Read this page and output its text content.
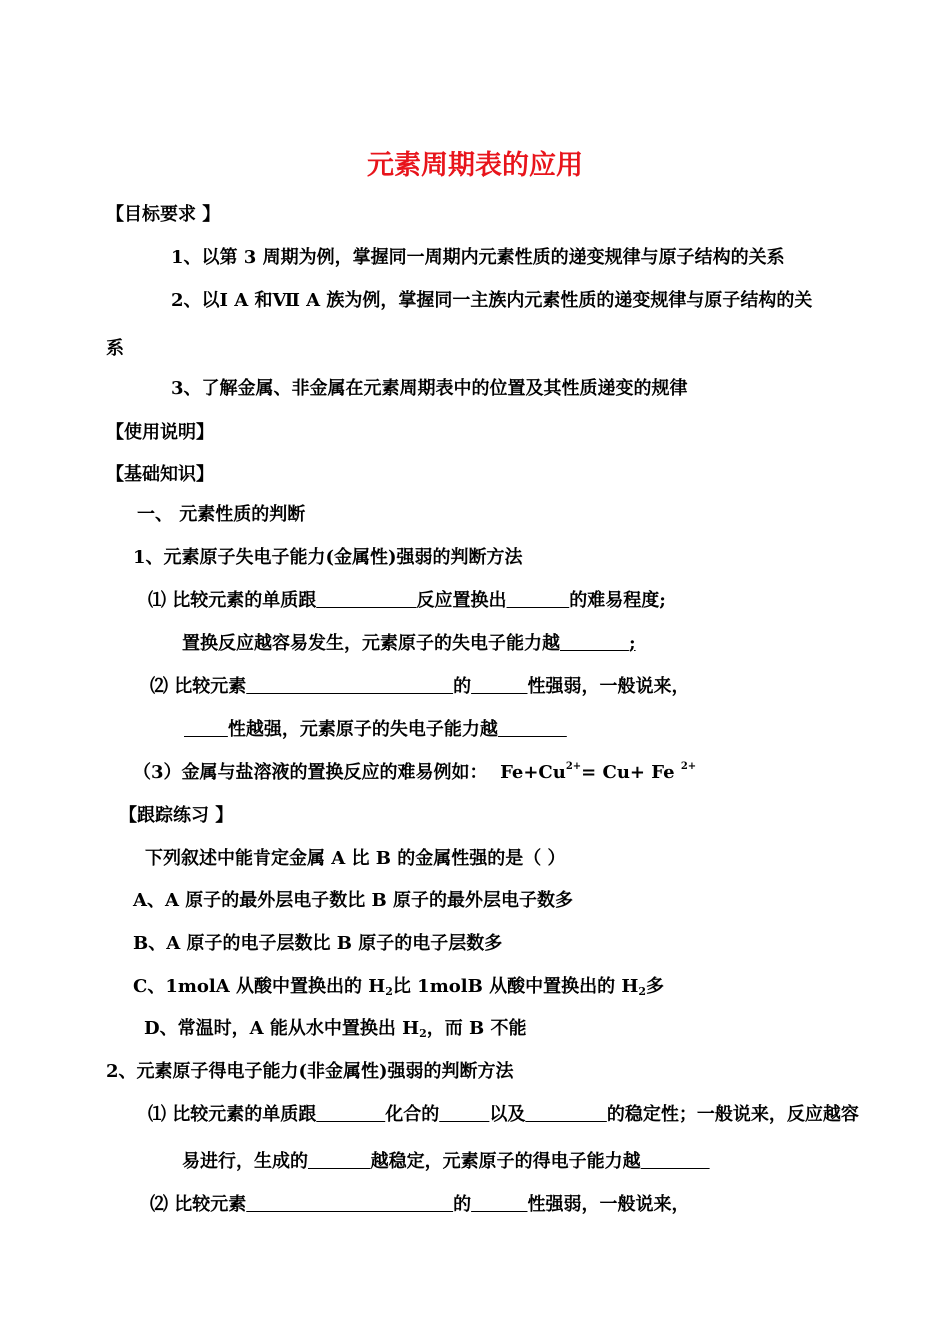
元素周期表的应用
【目标要求 】
1、以第 3 周期为例，掌握同一周期内元素性质的递变规律与原子结构的关系
2、以Ⅰ A 和Ⅶ A 族为例，掌握同一主族内元素性质的递变规律与原子结构的关
系
3、了解金属、非金属在元素周期表中的位置及其性质递变的规律
【使用说明】
【基础知识】
一、 元素性质的判断
1、元素原子失电子能力(金属性)强弱的判断方法
⑴ 比较元素的单质跟	反应置换出	的难易程度;
置换反应越容易发生，元素原子的失电子能力越	;
⑵ 比较元素	的	性强弱，一般说来，
性越强，元素原子的失电子能力越
（3）金属与盐溶液的置换反应的难易例如： $Fe+Cu^{2+}= Cu+ Fe$ $^{2+}$
【跟踪练习 】
下列叙述中能肯定金属 A 比 B 的金属性强的是（ ）
A、A 原子的最外层电子数比 B 原子的最外层电子数多
B、A 原子的电子层数比 B 原子的电子层数多
C、1molA 从酸中置换出的 $H_2$比 1molB 从酸中置换出的 $H_2$多
D、常温时，A 能从水中置换出 $H_2$，而 B 不能
2、元素原子得电子能力(非金属性)强弱的判断方法
⑴ 比较元素的单质跟	化合的	以及	的稳定性；一般说来，反应越容
易进行，生成的	越稳定，元素原子的得电子能力越
⑵ 比较元素	的	性强弱，一般说来，
